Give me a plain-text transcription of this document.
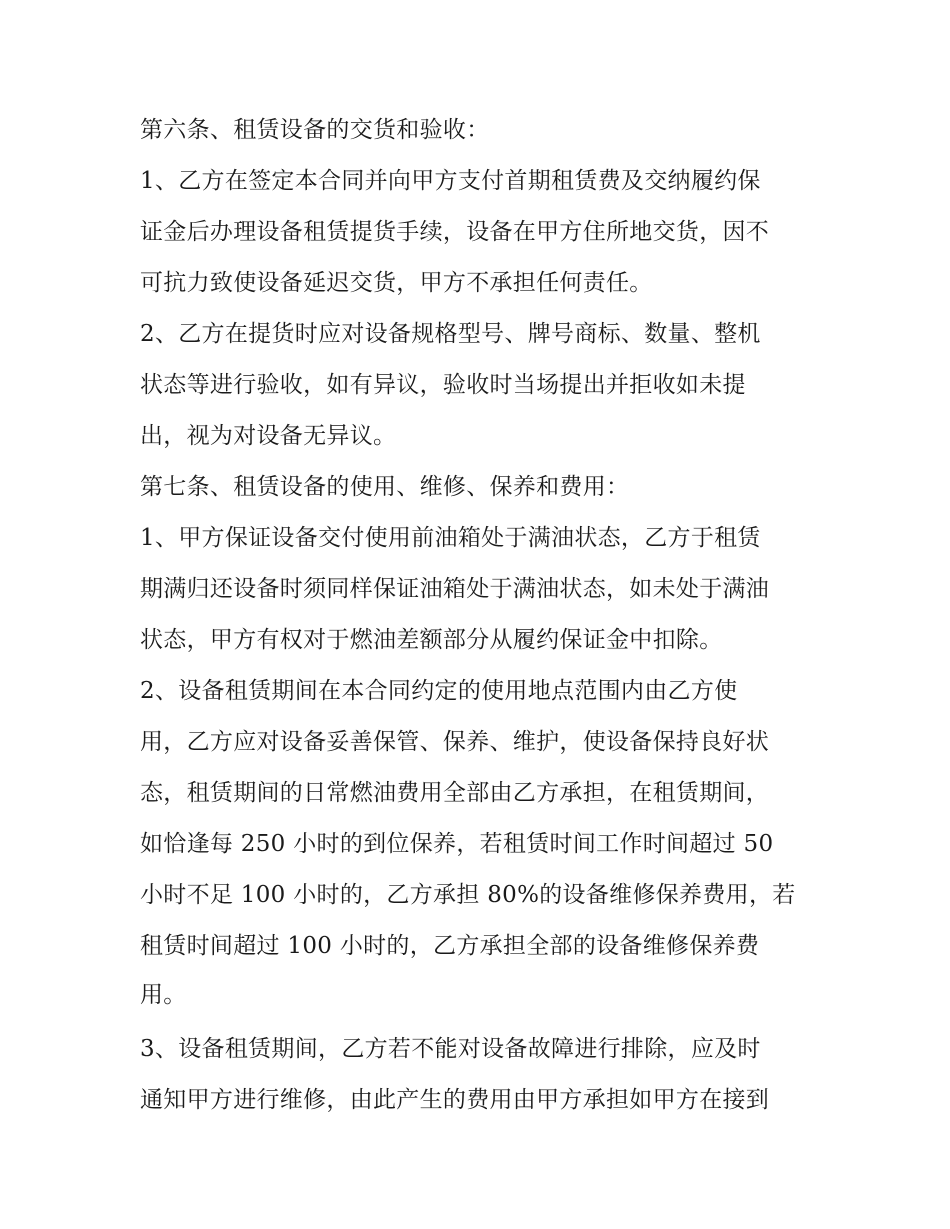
第六条、租赁设备的交货和验收：
1、乙方在签定本合同并向甲方支付首期租赁费及交纳履约保
证金后办理设备租赁提货手续，设备在甲方住所地交货，因不
可抗力致使设备延迟交货，甲方不承担任何责任。
2、乙方在提货时应对设备规格型号、牌号商标、数量、整机
状态等进行验收，如有异议，验收时当场提出并拒收如未提
出，视为对设备无异议。
第七条、租赁设备的使用、维修、保养和费用：
1、甲方保证设备交付使用前油箱处于满油状态，乙方于租赁
期满归还设备时须同样保证油箱处于满油状态，如未处于满油
状态，甲方有权对于燃油差额部分从履约保证金中扣除。
2、设备租赁期间在本合同约定的使用地点范围内由乙方使
用，乙方应对设备妥善保管、保养、维护，使设备保持良好状
态，租赁期间的日常燃油费用全部由乙方承担，在租赁期间，
如恰逢每 250 小时的到位保养，若租赁时间工作时间超过 50
小时不足 100 小时的，乙方承担 80%的设备维修保养费用，若
租赁时间超过 100 小时的，乙方承担全部的设备维修保养费
用。
3、设备租赁期间，乙方若不能对设备故障进行排除，应及时
通知甲方进行维修，由此产生的费用由甲方承担如甲方在接到
